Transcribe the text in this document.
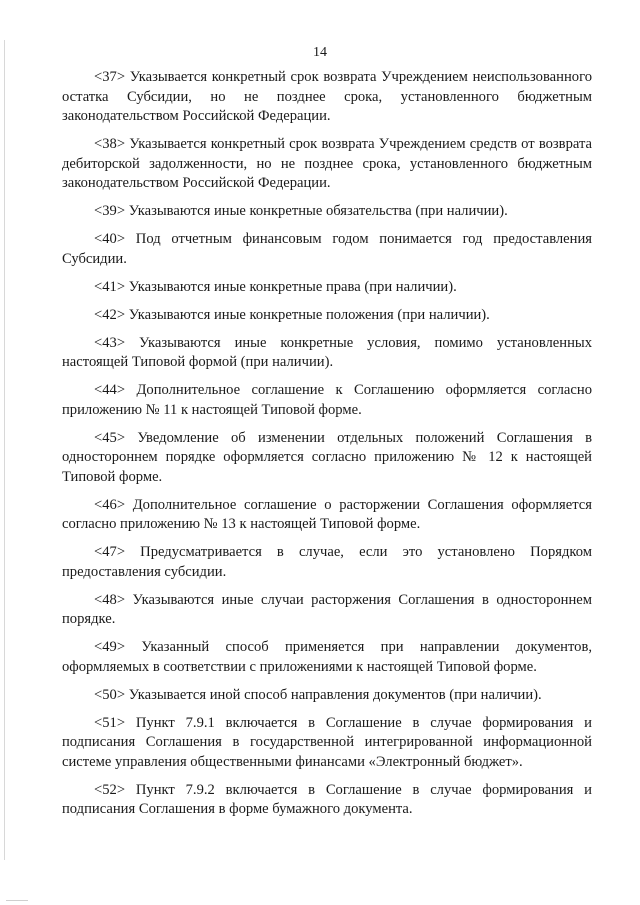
14

<37> Указывается конкретный срок возврата Учреждением неиспользованного остатка Субсидии, но не позднее срока, установленного бюджетным законодательством Российской Федерации.

<38> Указывается конкретный срок возврата Учреждением средств от возврата дебиторской задолженности, но не позднее срока, установленного бюджетным законодательством Российской Федерации.

<39> Указываются иные конкретные обязательства (при наличии).

<40> Под отчетным финансовым годом понимается год предоставления Субсидии.

<41> Указываются иные конкретные права (при наличии).

<42> Указываются иные конкретные положения (при наличии).

<43> Указываются иные конкретные условия, помимо установленных настоящей Типовой формой (при наличии).

<44> Дополнительное соглашение к Соглашению оформляется согласно приложению № 11 к настоящей Типовой форме.

<45> Уведомление об изменении отдельных положений Соглашения в одностороннем порядке оформляется согласно приложению № 12 к настоящей Типовой форме.

<46> Дополнительное соглашение о расторжении Соглашения оформляется согласно приложению № 13 к настоящей Типовой форме.

<47> Предусматривается в случае, если это установлено Порядком предоставления субсидии.

<48> Указываются иные случаи расторжения Соглашения в одностороннем порядке.

<49> Указанный способ применяется при направлении документов, оформляемых в соответствии с приложениями к настоящей Типовой форме.

<50> Указывается иной способ направления документов (при наличии).

<51> Пункт 7.9.1 включается в Соглашение в случае формирования и подписания Соглашения в государственной интегрированной информационной системе управления общественными финансами «Электронный бюджет».

<52> Пункт 7.9.2 включается в Соглашение в случае формирования и подписания Соглашения в форме бумажного документа.
